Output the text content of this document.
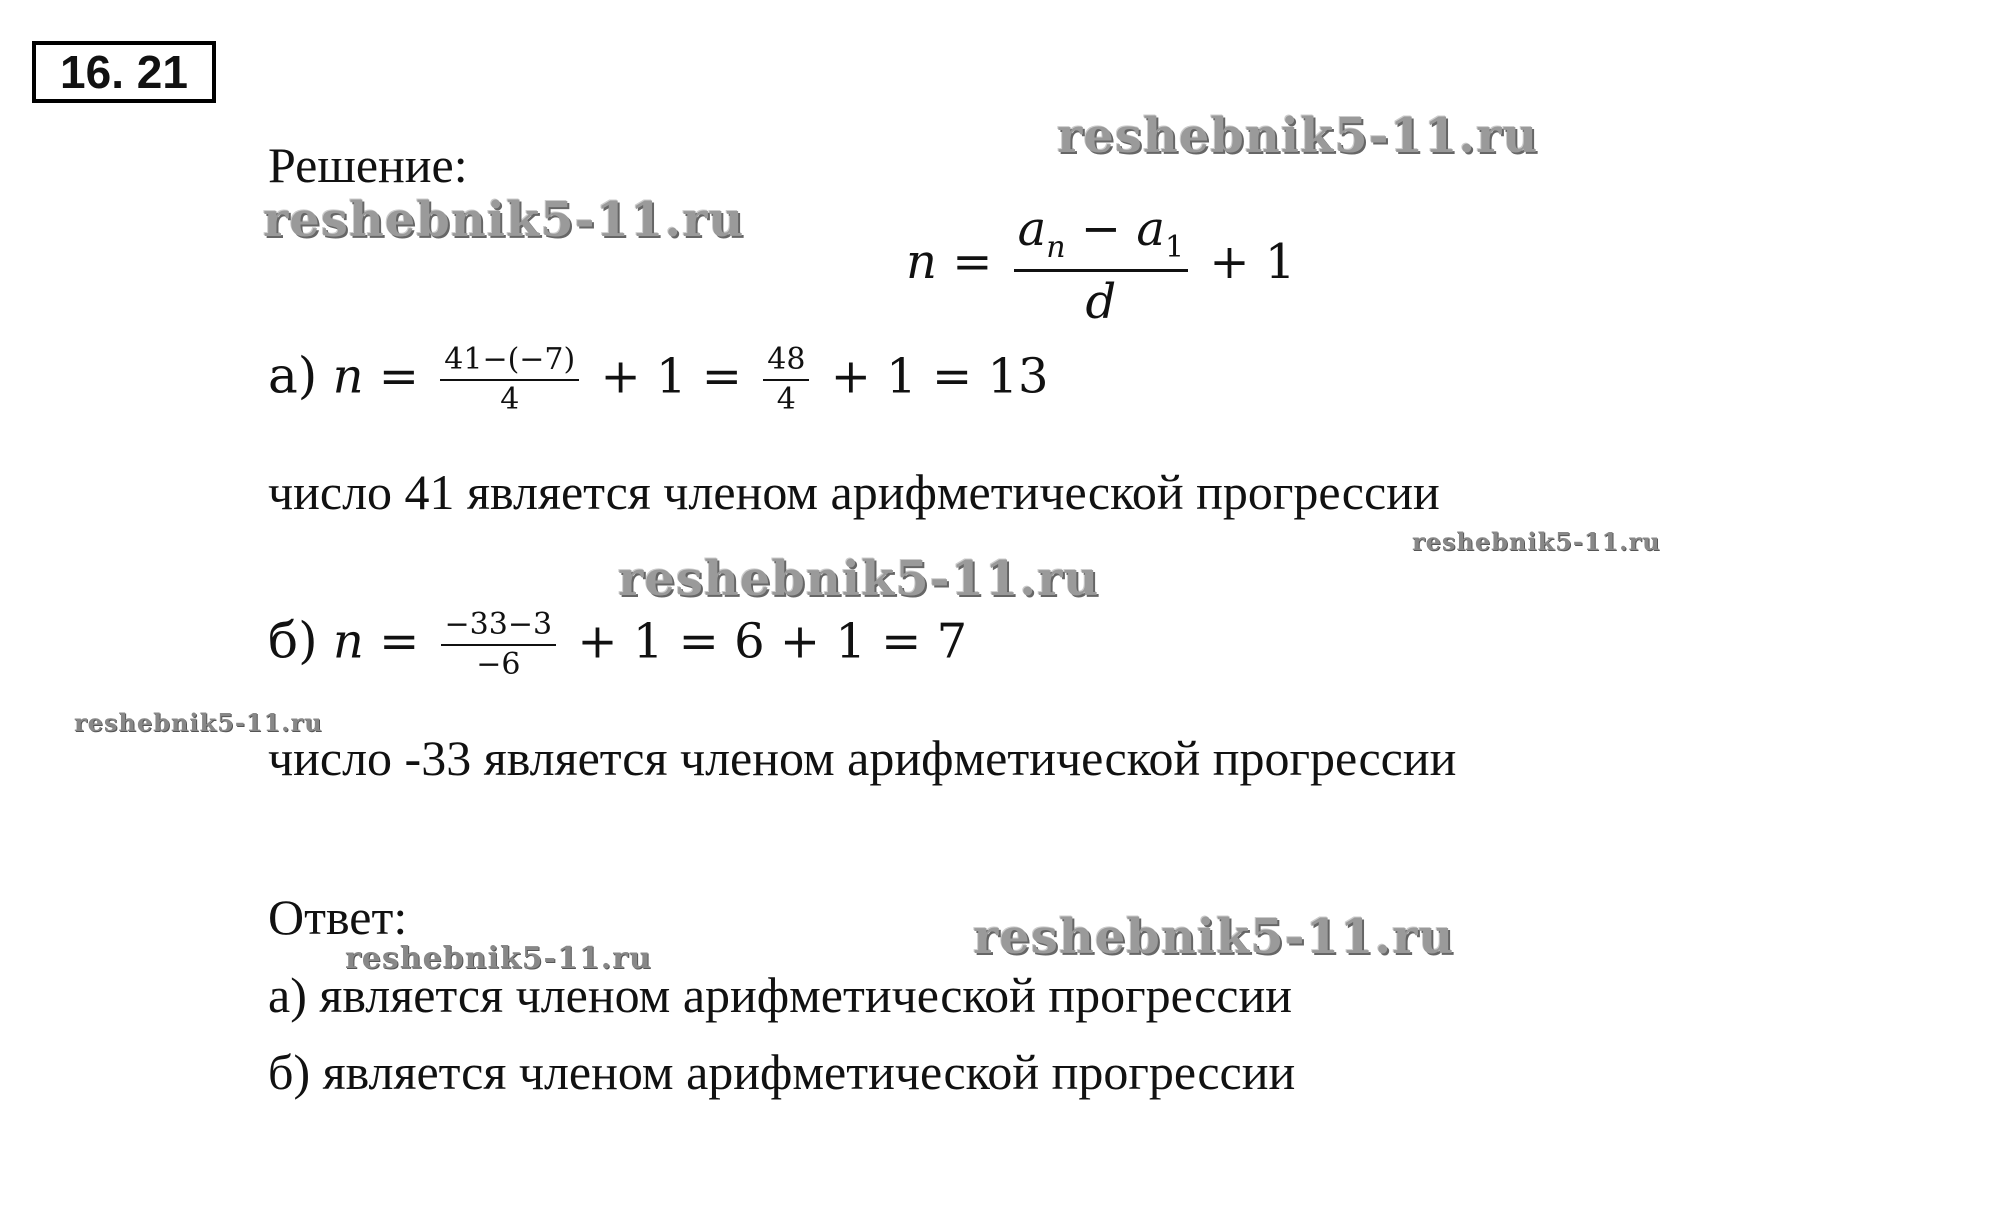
16. 21
Решение:
$n = \frac{a_n - a_1}{d} + 1$
а) $n = \frac{41-(-7)}{4} + 1 = \frac{48}{4} + 1 = 13$
число 41 является членом арифметической прогрессии
б) $n = \frac{-33-3}{-6} + 1 = 6 + 1 = 7$
число -33 является членом арифметической прогрессии
Ответ:
а) является членом арифметической прогрессии
б) является членом арифметической прогрессии
reshebnik5-11.ru
reshebnik5-11.ru
reshebnik5-11.ru
reshebnik5-11.ru
reshebnik5-11.ru
reshebnik5-11.ru
reshebnik5-11.ru
